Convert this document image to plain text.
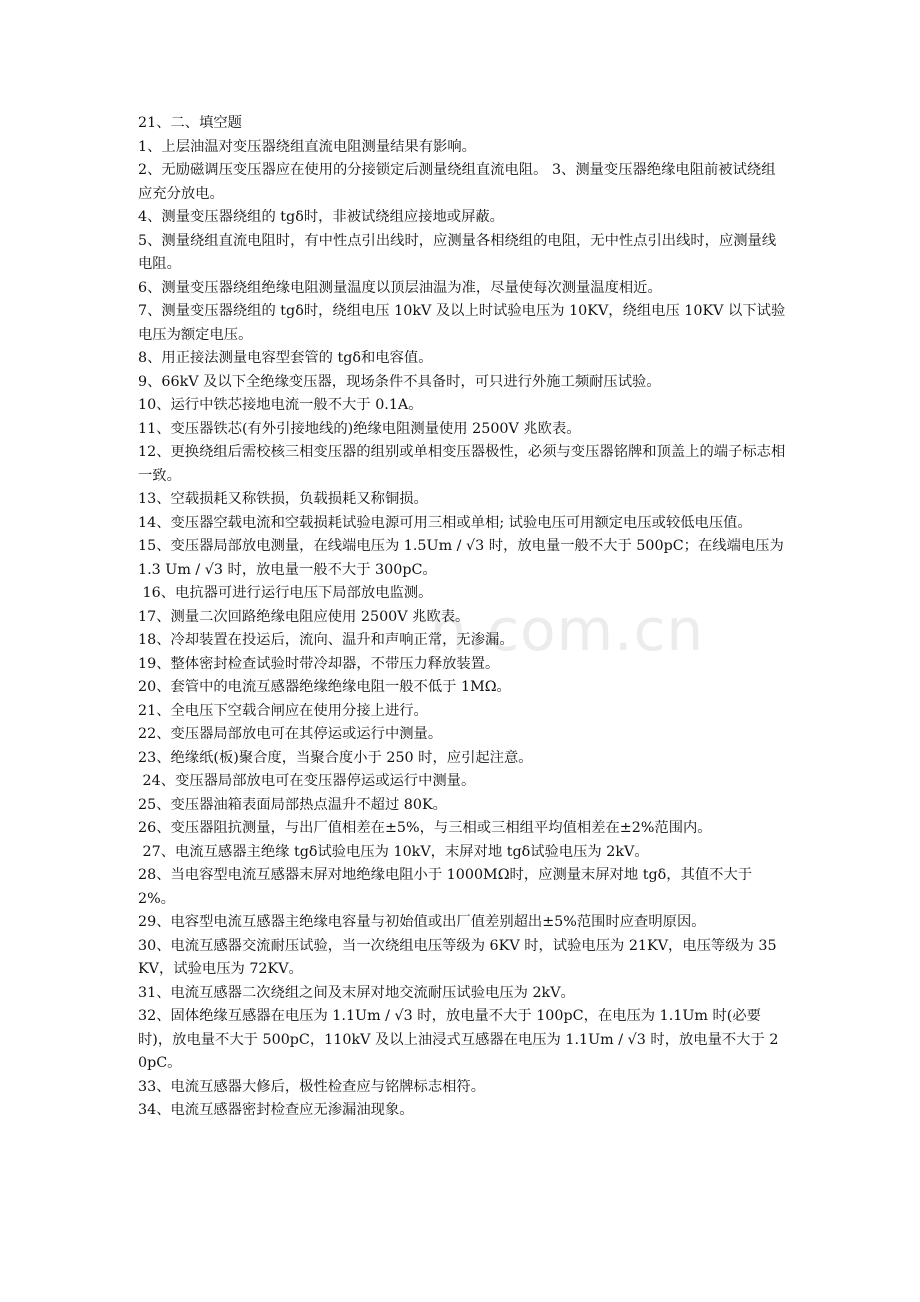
n.com.cn

21、二、填空题

1、上层油温对变压器绕组直流电阻测量结果有影响。

2、无励磁调压变压器应在使用的分接锁定后测量绕组直流电阻。 3、测量变压器绝缘电阻前被试绕组应充分放电。

4、测量变压器绕组的 tgδ时，非被试绕组应接地或屏蔽。

5、测量绕组直流电阻时，有中性点引出线时，应测量各相绕组的电阻，无中性点引出线时，应测量线电阻。

6、测量变压器绕组绝缘电阻测量温度以顶层油温为准，尽量使每次测量温度相近。

7、测量变压器绕组的 tgδ时，绕组电压 10kV 及以上时试验电压为 10KV，绕组电压 10KV 以下试验电压为额定电压。

8、用正接法测量电容型套管的 tgδ和电容值。

9、66kV 及以下全绝缘变压器，现场条件不具备时，可只进行外施工频耐压试验。

10、运行中铁芯接地电流一般不大于 0.1A。

11、变压器铁芯(有外引接地线的)绝缘电阻测量使用 2500V 兆欧表。

12、更换绕组后需校核三相变压器的组别或单相变压器极性，必须与变压器铭牌和顶盖上的端子标志相一致。

13、空载损耗又称铁损，负载损耗又称铜损。

14、变压器空载电流和空载损耗试验电源可用三相或单相; 试验电压可用额定电压或较低电压值。

15、变压器局部放电测量，在线端电压为 1.5Um / √3 时，放电量一般不大于 500pC；在线端电压为 1.3 Um / √3 时，放电量一般不大于 300pC。

16、电抗器可进行运行电压下局部放电监测。

17、测量二次回路绝缘电阻应使用 2500V 兆欧表。

18、冷却装置在投运后，流向、温升和声响正常，无渗漏。

19、整体密封检查试验时带冷却器，不带压力释放装置。

20、套管中的电流互感器绝缘绝缘电阻一般不低于 1MΩ。

21、全电压下空载合闸应在使用分接上进行。

22、变压器局部放电可在其停运或运行中测量。

23、绝缘纸(板)聚合度，当聚合度小于 250 时，应引起注意。

24、变压器局部放电可在变压器停运或运行中测量。

25、变压器油箱表面局部热点温升不超过 80K。

26、变压器阻抗测量，与出厂值相差在±5%，与三相或三相组平均值相差在±2%范围内。

27、电流互感器主绝缘 tgδ试验电压为 10kV，末屏对地 tgδ试验电压为 2kV。

28、当电容型电流互感器末屏对地绝缘电阻小于 1000MΩ时，应测量末屏对地 tgδ，其值不大于 2%。

29、电容型电流互感器主绝缘电容量与初始值或出厂值差别超出±5%范围时应查明原因。

30、电流互感器交流耐压试验，当一次绕组电压等级为 6KV 时，试验电压为 21KV，电压等级为 35KV，试验电压为 72KV。

31、电流互感器二次绕组之间及末屏对地交流耐压试验电压为 2kV。

32、固体绝缘互感器在电压为 1.1Um / √3 时，放电量不大于 100pC，在电压为 1.1Um 时(必要时)，放电量不大于 500pC，110kV 及以上油浸式互感器在电压为 1.1Um / √3 时，放电量不大于 20pC。

33、电流互感器大修后，极性检查应与铭牌标志相符。

34、电流互感器密封检查应无渗漏油现象。
